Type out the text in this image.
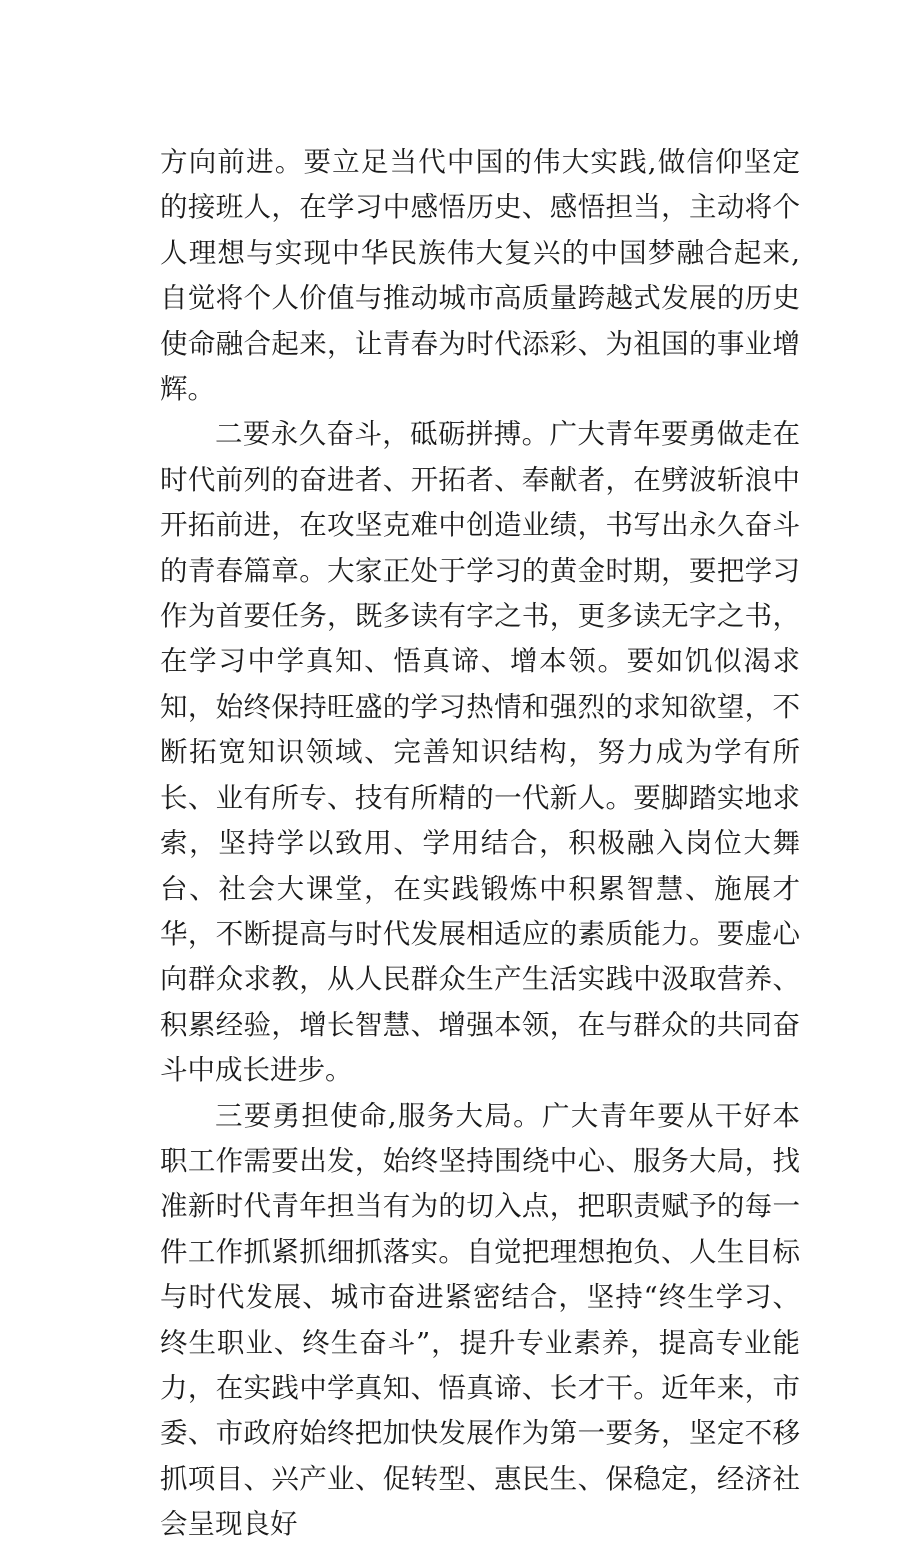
方向前进。要立足当代中国的伟大实践,做信仰坚定的接班人，在学习中感悟历史、感悟担当，主动将个人理想与实现中华民族伟大复兴的中国梦融合起来,自觉将个人价值与推动城市高质量跨越式发展的历史使命融合起来，让青春为时代添彩、为祖国的事业增辉。

二要永久奋斗，砥砺拼搏。广大青年要勇做走在时代前列的奋进者、开拓者、奉献者，在劈波斩浪中开拓前进，在攻坚克难中创造业绩，书写出永久奋斗的青春篇章。大家正处于学习的黄金时期，要把学习作为首要任务，既多读有字之书，更多读无字之书，在学习中学真知、悟真谛、增本领。要如饥似渴求知，始终保持旺盛的学习热情和强烈的求知欲望，不断拓宽知识领域、完善知识结构，努力成为学有所长、业有所专、技有所精的一代新人。要脚踏实地求索，坚持学以致用、学用结合，积极融入岗位大舞台、社会大课堂，在实践锻炼中积累智慧、施展才华，不断提高与时代发展相适应的素质能力。要虚心向群众求教，从人民群众生产生活实践中汲取营养、积累经验，增长智慧、增强本领，在与群众的共同奋斗中成长进步。

三要勇担使命,服务大局。广大青年要从干好本职工作需要出发，始终坚持围绕中心、服务大局，找准新时代青年担当有为的切入点，把职责赋予的每一件工作抓紧抓细抓落实。自觉把理想抱负、人生目标与时代发展、城市奋进紧密结合，坚持“终生学习、终生职业、终生奋斗”，提升专业素养，提高专业能力，在实践中学真知、悟真谛、长才干。近年来，市委、市政府始终把加快发展作为第一要务，坚定不移抓项目、兴产业、促转型、惠民生、保稳定，经济社会呈现良好
